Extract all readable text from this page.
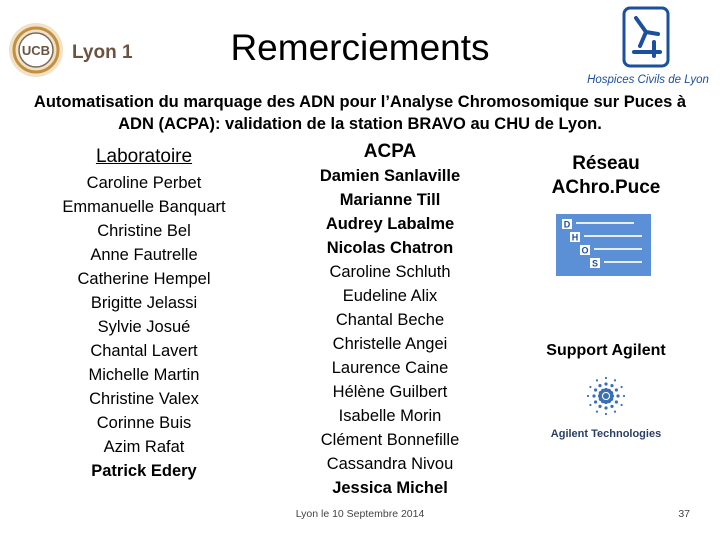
UCB Lyon 1	Remerciements
Hospices Civils de Lyon
Automatisation du marquage des ADN pour l’Analyse Chromosomique sur Puces à
ADN (ACPA): validation de la station BRAVO au CHU de Lyon.
Laboratoire
Caroline Perbet
Emmanuelle Banquart
Christine Bel
Anne Fautrelle
Catherine Hempel
Brigitte Jelassi
Sylvie Josué
Chantal Lavert
Michelle Martin
Christine Valex
Corinne Buis
Azim Rafat
Patrick Edery
ACPA
Damien Sanlaville
Marianne Till
Audrey Labalme
Nicolas Chatron
Caroline Schluth
Eudeline Alix
Chantal Beche
Christelle Angei
Laurence Caine
Hélène Guilbert
Isabelle Morin
Clément Bonnefille
Cassandra Nivou
Jessica Michel
Réseau
AChro.Puce
D
H
O
S
Support Agilent
Agilent Technologies
Lyon le 10 Septembre 2014	37
